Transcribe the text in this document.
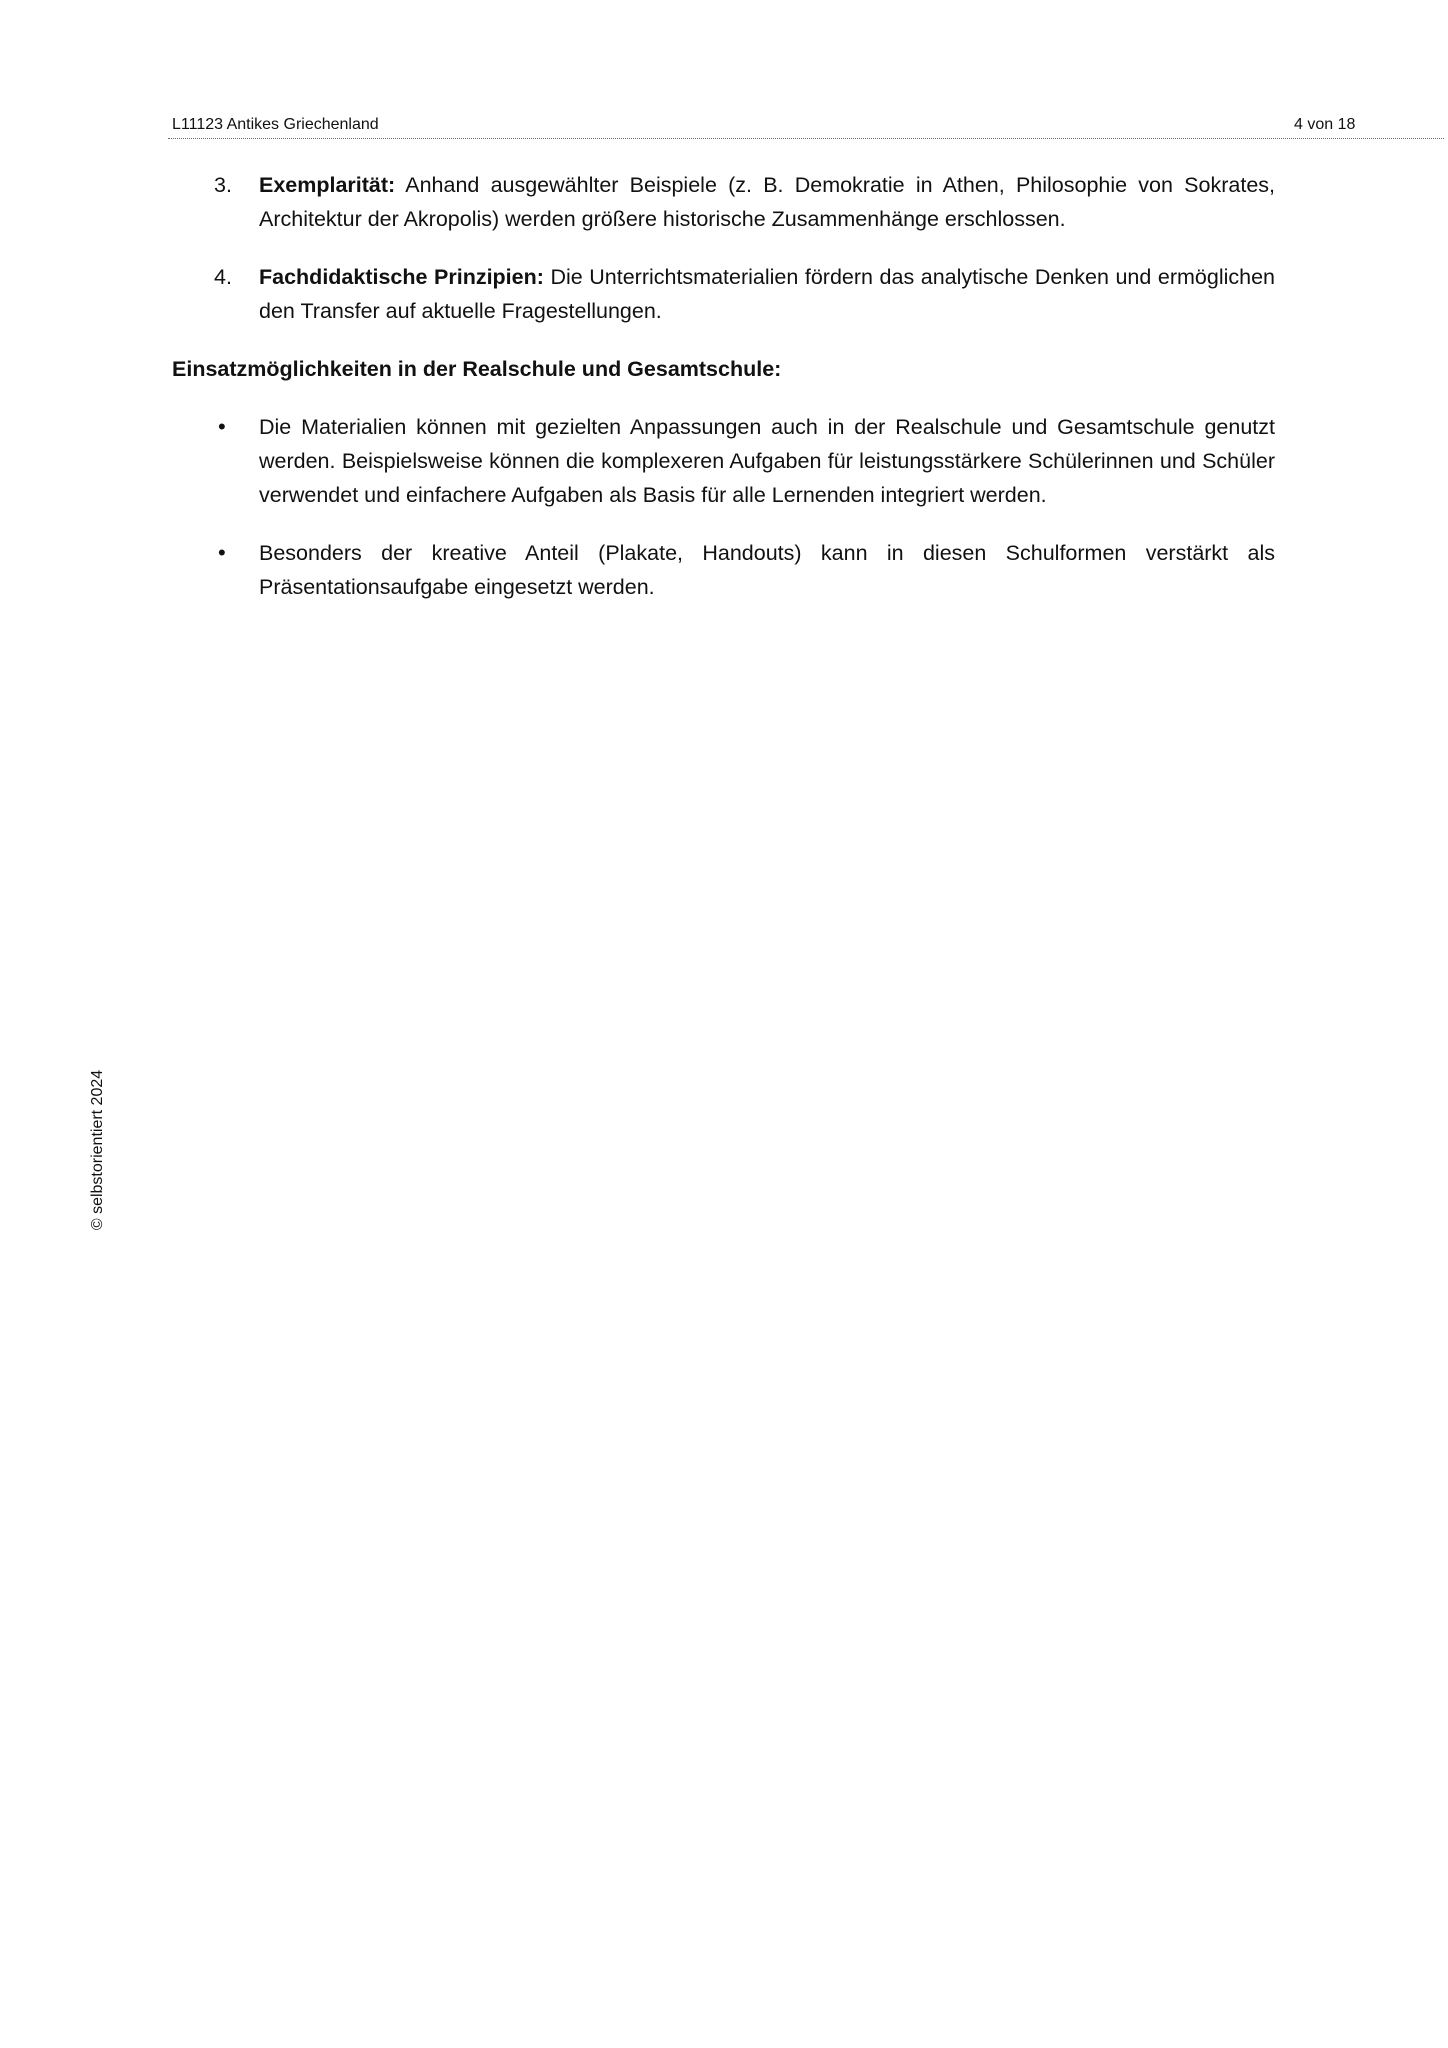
L11123 Antikes Griechenland	4 von 18
3. Exemplarität: Anhand ausgewählter Beispiele (z. B. Demokratie in Athen, Philosophie von Sokrates, Architektur der Akropolis) werden größere historische Zusammenhänge erschlossen.
4. Fachdidaktische Prinzipien: Die Unterrichtsmaterialien fördern das analytische Denken und ermöglichen den Transfer auf aktuelle Fragestellungen.
Einsatzmöglichkeiten in der Realschule und Gesamtschule:
• Die Materialien können mit gezielten Anpassungen auch in der Realschule und Gesamtschule genutzt werden. Beispielsweise können die komplexeren Aufgaben für leistungsstärkere Schülerinnen und Schüler verwendet und einfachere Aufgaben als Basis für alle Lernenden integriert werden.
• Besonders der kreative Anteil (Plakate, Handouts) kann in diesen Schulformen verstärkt als Präsentationsaufgabe eingesetzt werden.
© selbstorientiert 2024
